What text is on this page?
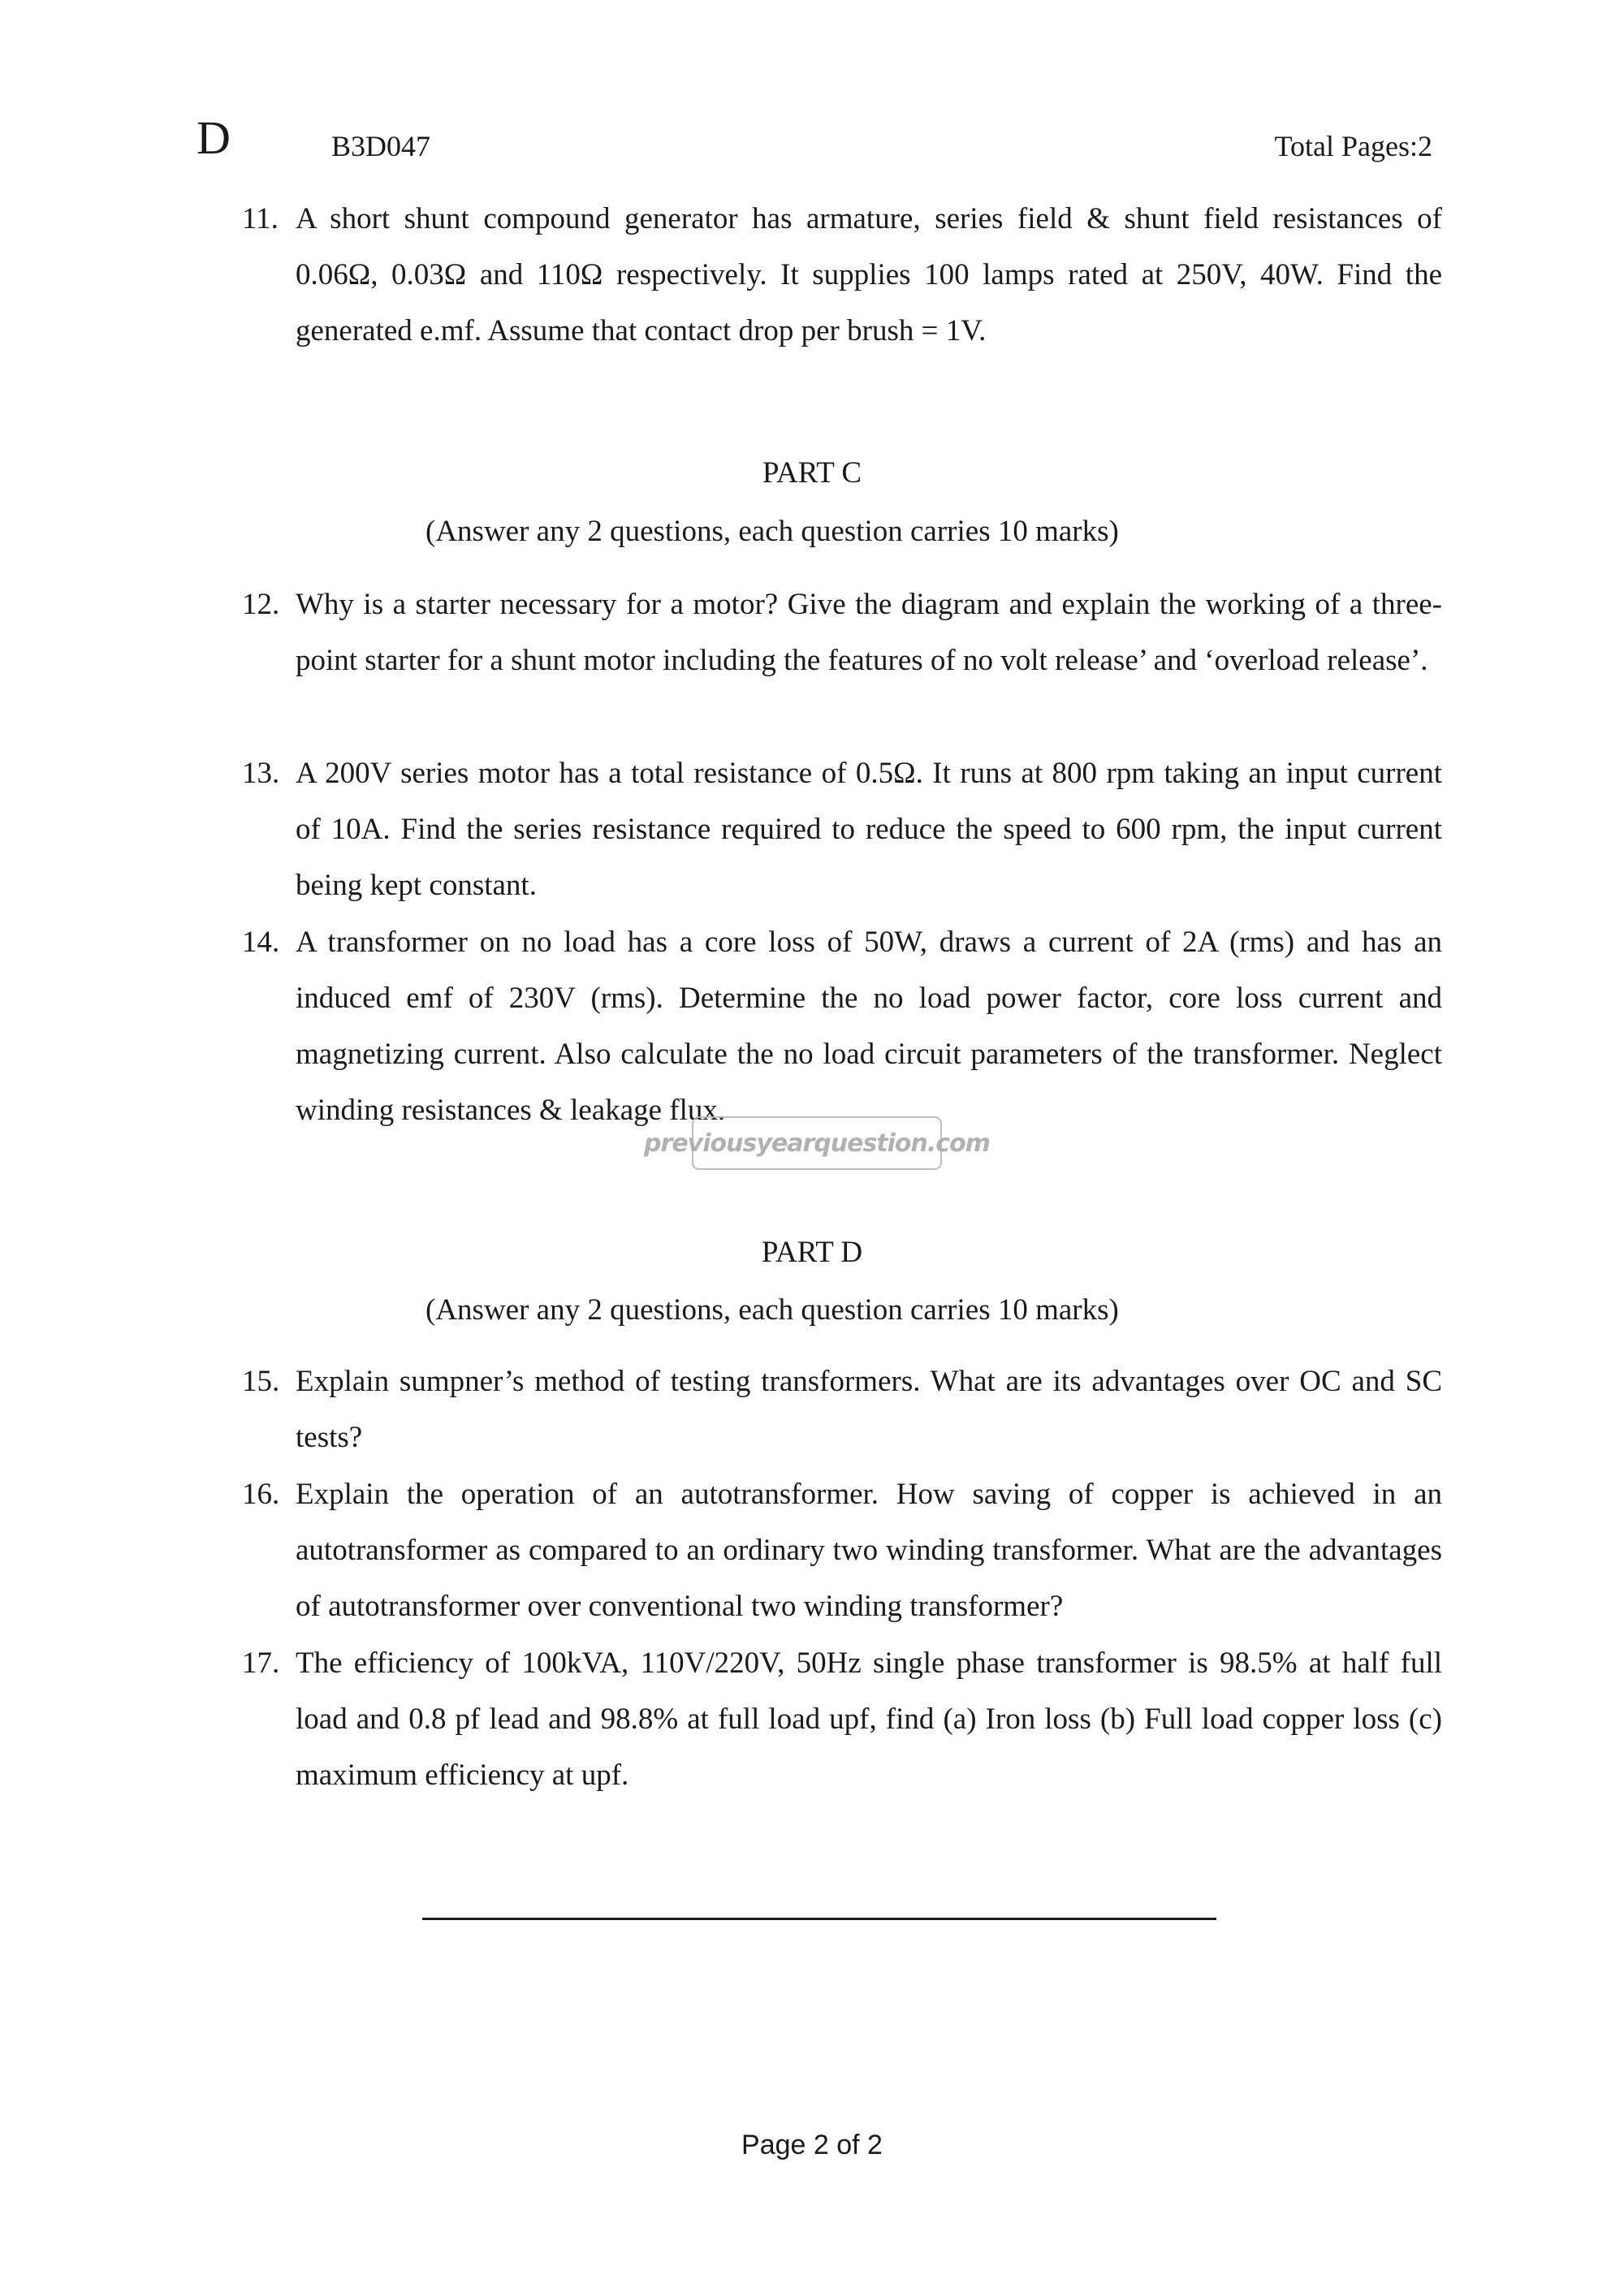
D	B3D047	Total Pages:2
11. A short shunt compound generator has armature, series field & shunt field resistances of 0.06Ω, 0.03Ω and 110Ω respectively. It supplies 100 lamps rated at 250V, 40W. Find the generated e.mf. Assume that contact drop per brush = 1V.
PART C
(Answer any 2 questions, each question carries 10 marks)
12. Why is a starter necessary for a motor? Give the diagram and explain the working of a three- point starter for a shunt motor including the features of no volt release’ and ‘overload release’.
13. A 200V series motor has a total resistance of 0.5Ω. It runs at 800 rpm taking an input current of 10A. Find the series resistance required to reduce the speed to 600 rpm, the input current being kept constant.
14. A transformer on no load has a core loss of 50W, draws a current of 2A (rms) and has an induced emf of 230V (rms). Determine the no load power factor, core loss current and magnetizing current. Also calculate the no load circuit parameters of the transformer. Neglect winding resistances & leakage flux.
previousyearquestion.com
PART D
(Answer any 2 questions, each question carries 10 marks)
15. Explain sumpner’s method of testing transformers. What are its advantages over OC and SC tests?
16. Explain the operation of an autotransformer. How saving of copper is achieved in an autotransformer as compared to an ordinary two winding transformer. What are the advantages of autotransformer over conventional two winding transformer?
17. The efficiency of 100kVA, 110V/220V, 50Hz single phase transformer is 98.5% at half full load and 0.8 pf lead and 98.8% at full load upf, find (a) Iron loss (b) Full load copper loss (c) maximum efficiency at upf.
Page 2 of 2
